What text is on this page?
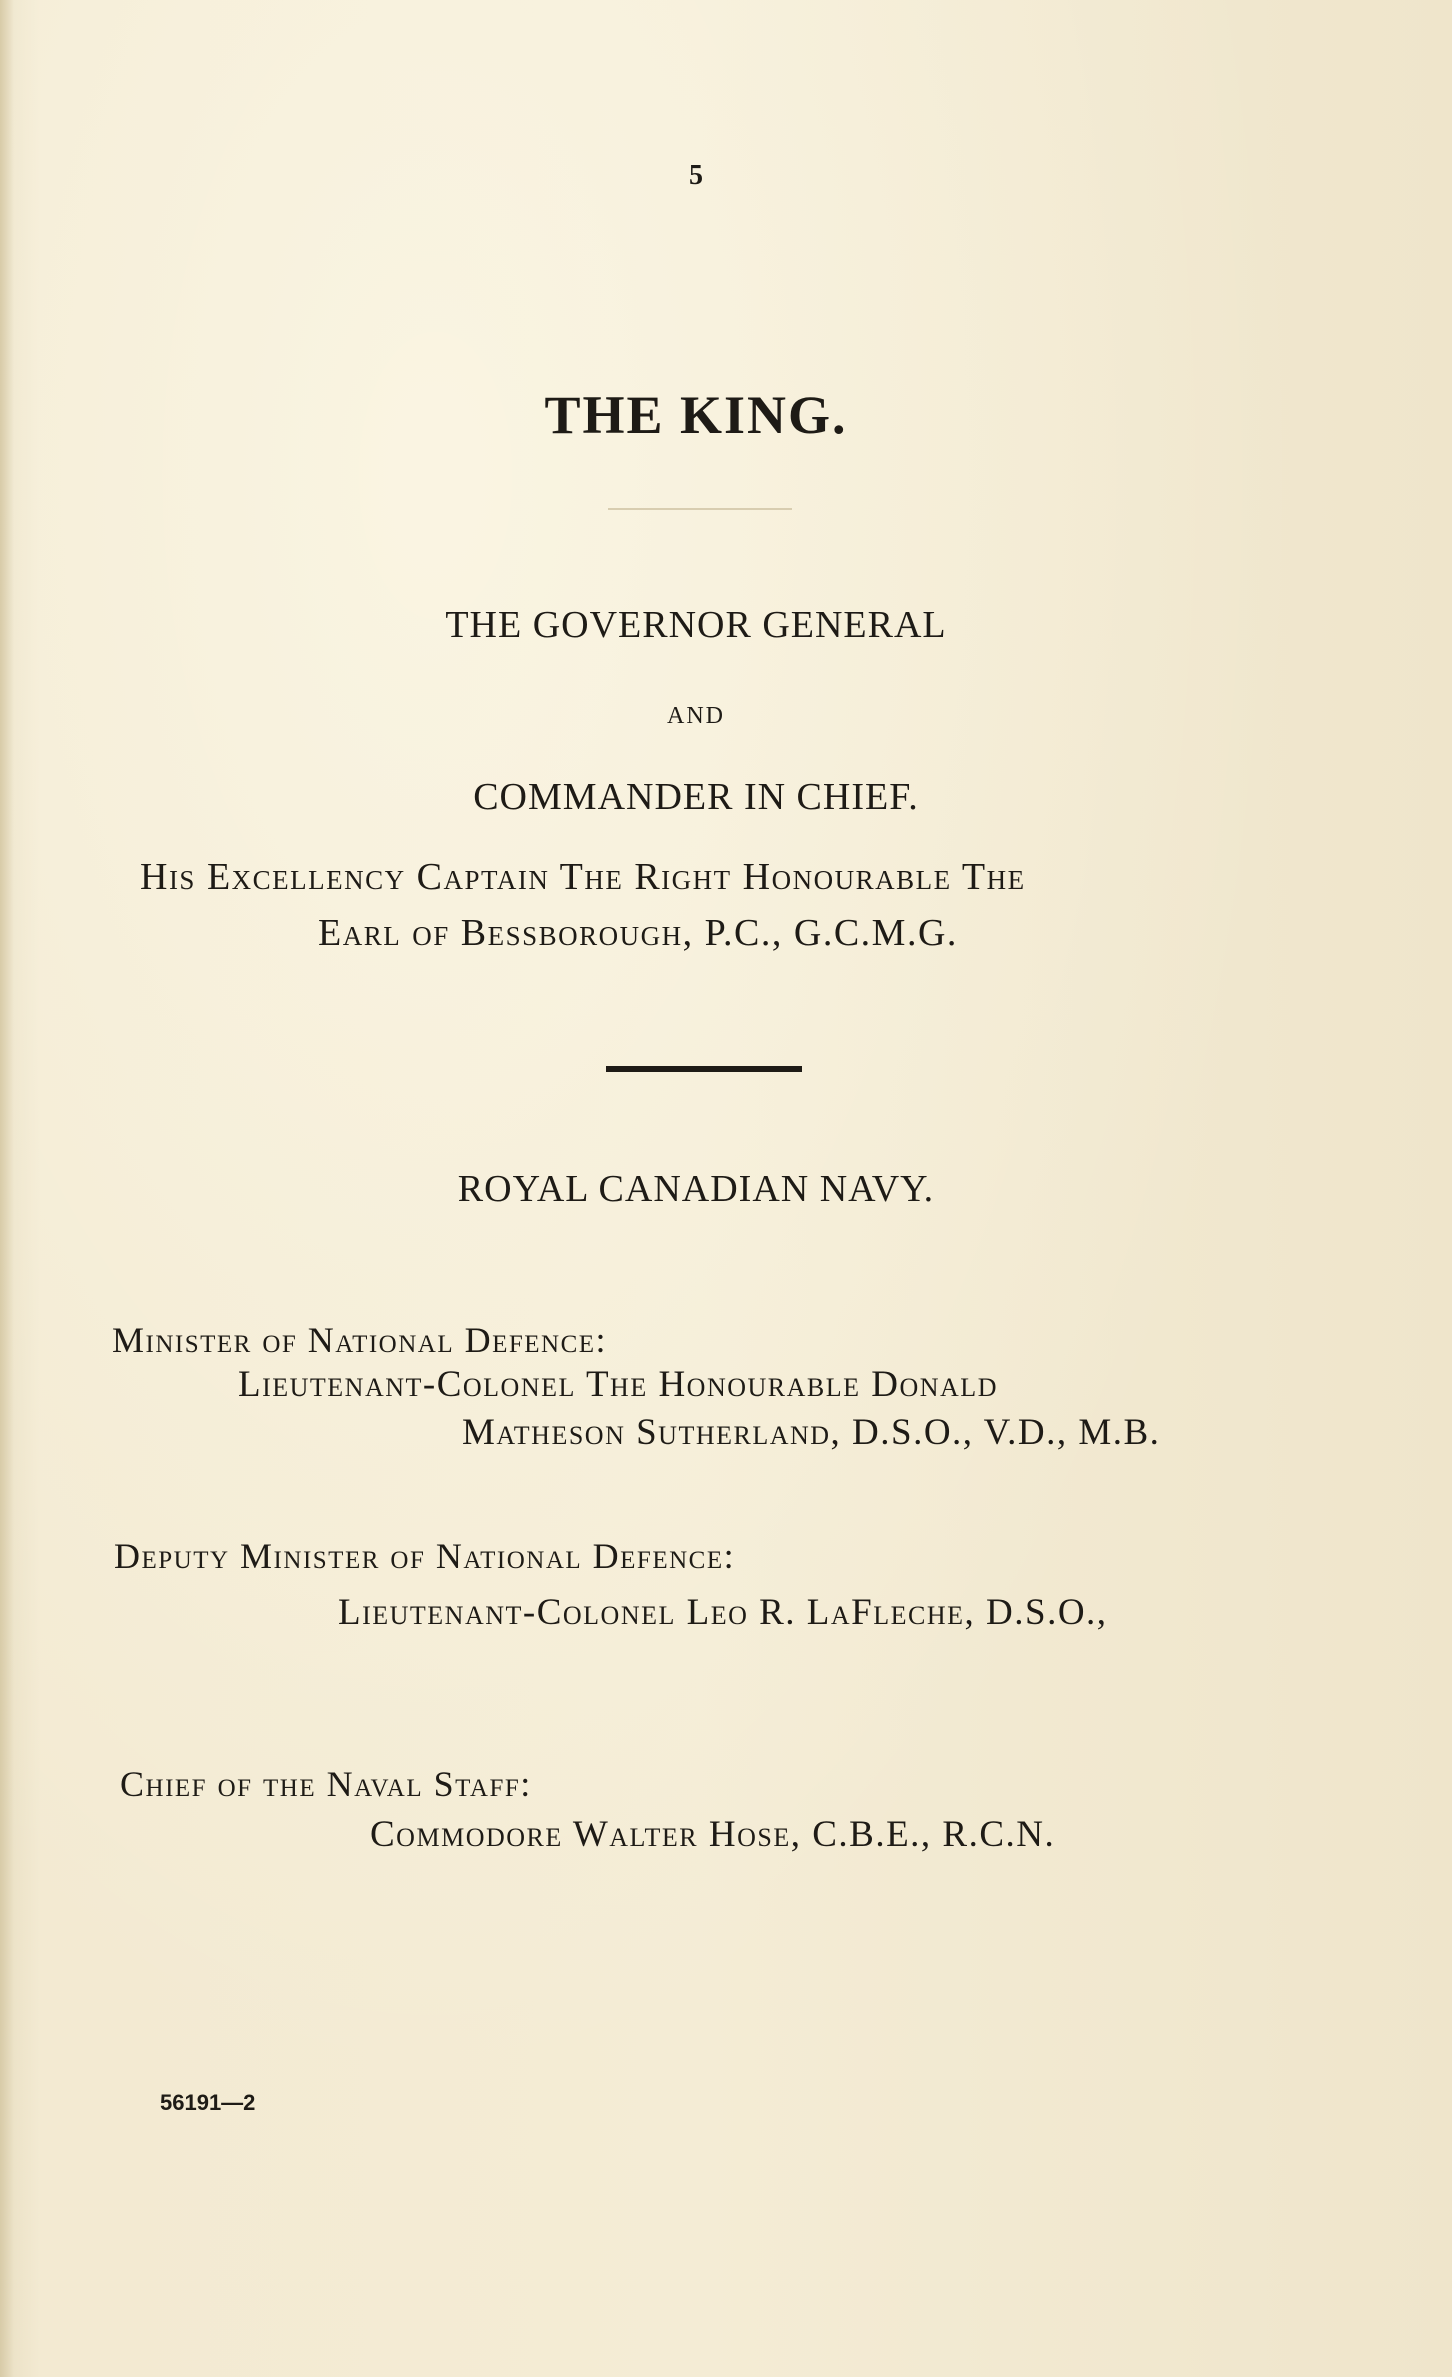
5
THE KING.
THE GOVERNOR GENERAL
AND
COMMANDER IN CHIEF.
His Excellency Captain The Right Honourable The
Earl of Bessborough, P.C., G.C.M.G.
ROYAL CANADIAN NAVY.
Minister of National Defence:
Lieutenant-Colonel The Honourable Donald
Matheson Sutherland, D.S.O., V.D., M.B.
Deputy Minister of National Defence:
Lieutenant-Colonel Leo R. LaFleche, D.S.O.,
Chief of the Naval Staff:
Commodore Walter Hose, C.B.E., R.C.N.
56191—2
